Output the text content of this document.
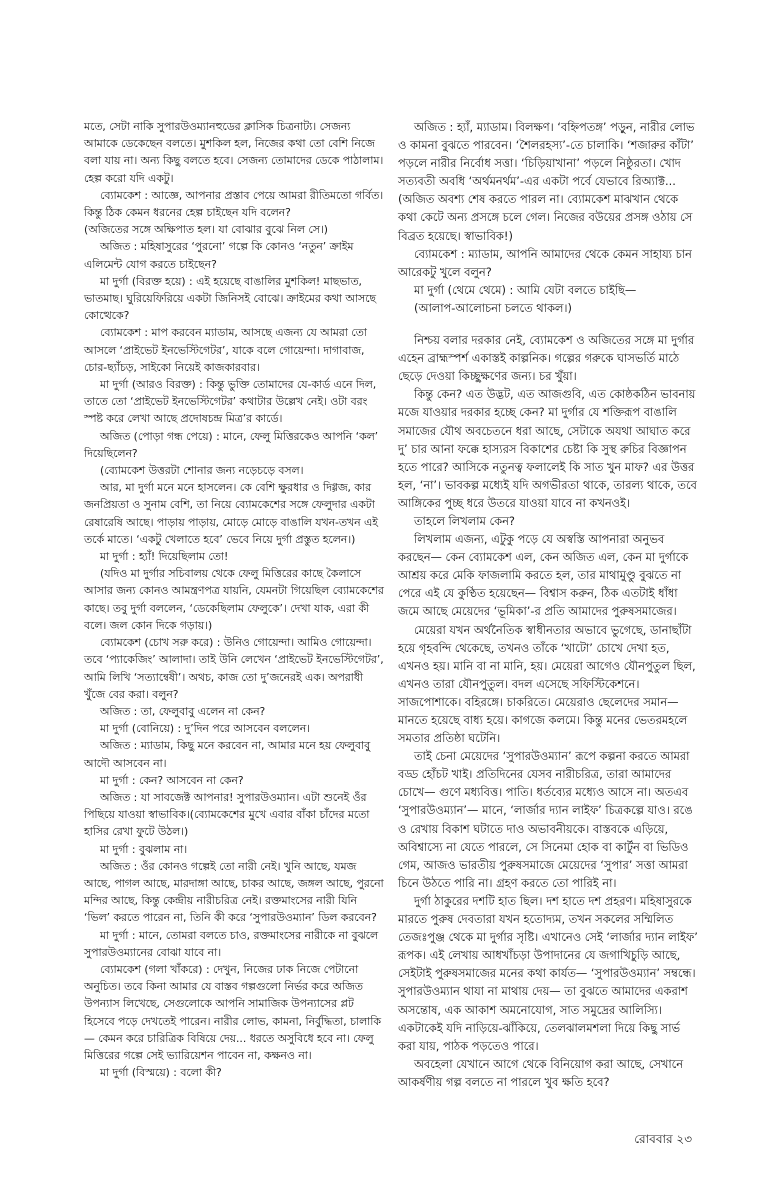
মতে, সেটা নাকি সুপারউওম্যানহুডের ক্লাসিক চিত্রনাট্য। সেজন্য আমাকে ডেকেছেন বলতে। মুশকিল হল, নিজের কথা তো বেশি নিজে বলা যায় না। অন্য কিছু বলতে হবে। সেজন্য তোমাদের ডেকে পাঠালাম। হেল্প করো যদি একটু।

ব্যোমকেশ : আজ্ঞে, আপনার প্রস্তাব পেয়ে আমরা রীতিমতো গর্বিত। কিন্তু ঠিক কেমন ধরনের হেল্প চাইছেন যদি বলেন?

(অজিতের সঙ্গে অক্ষিপাত হল। যা বোঝার বুঝে নিল সে।)

অজিত : মহিষাসুরের ‘পুরনো’ গল্পে কি কোনও ‘নতুন’ ক্রাইম এলিমেন্ট যোগ করতে চাইছেন?

মা দুর্গা (বিরক্ত হয়ে) : এই হয়েছে বাঙালির মুশকিল! মাছভাত, ভাতমাছ। ঘুরিয়েফিরিয়ে একটা জিনিসই বোঝে। ক্রাইমের কথা আসছে কোত্থেকে?

ব্যোমকেশ : মাপ করবেন ম্যাডাম, আসছে এজন্য যে আমরা তো আসলে ‘প্রাইভেট ইনভেস্টিগেটর’, যাকে বলে গোয়েন্দা। দাগাবাজ, চোর-ছ্যাঁচড়, সাইকো নিয়েই কাজকারবার।

মা দুর্গা (আরও বিরক্ত) : কিন্তু ভুক্তি তোমাদের যে-কার্ড এনে দিল, তাতে তো ‘প্রাইভেট ইনভেস্টিগেটর’ কথাটার উল্লেখ নেই। ওটা বরং স্পষ্ট করে লেখা আছে প্রদোষচন্দ্র মিত্র’র কার্ডে।

অজিত (পোড়া গন্ধ পেয়ে) : মানে, ফেলু মিত্তিরকেও আপনি ‘কল’ দিয়েছিলেন?

(ব্যোমকেশ উত্তরটা শোনার জন্য নড়েচড়ে বসল।

আর, মা দুর্গা মনে মনে হাসলেন। কে বেশি ক্ষুরধার ও দিগ্গজ, কার জনপ্রিয়তা ও সুনাম বেশি, তা নিয়ে ব্যোমকেশের সঙ্গে ফেলুদার একটা রেষারেষি আছে। পাড়ায় পাড়ায়, মোড়ে মোড়ে বাঙালি যখন-তখন এই তর্কে মাতে। ‘একটু খেলাতে হবে’ ভেবে নিয়ে দুর্গা প্রস্তুত হলেন।)

মা দুর্গা : হ্যাঁ! দিয়েছিলাম তো!

(যদিও মা দুর্গার সচিবালয় থেকে ফেলু মিত্তিরের কাছে কৈলাসে আসার জন্য কোনও আমন্ত্রণপত্র যায়নি, যেমনটা গিয়েছিল ব্যোমকেশের কাছে। তবু দুর্গা বললেন, ‘ডেকেছিলাম ফেলুকে’। দেখা যাক, এরা কী বলে। জল কোন দিকে গড়ায়।)

ব্যোমকেশ (চোখ সরু করে) : উনিও গোয়েন্দা। আমিও গোয়েন্দা। তবে ‘প্যাকেজিং’ আলাদা। তাই উনি লেখেন ‘প্রাইভেট ইনভেস্টিগেটর’, আমি লিখি ‘সত্যান্বেষী’। অথচ, কাজ তো দু’জনেরই এক। অপরাধী খুঁজে বের করা। বলুন?

অজিত : তা, ফেলুবাবু এলেন না কেন?

মা দুর্গা (বোনিয়ে) : দু’দিন পরে আসবেন বললেন।

অজিত : ম্যাডাম, কিছু মনে করবেন না, আমার মনে হয় ফেলুবাবু আদৌ আসবেন না।

মা দুর্গা : কেন? আসবেন না কেন?

অজিত : যা সাবজেক্ট আপনার! সুপারউওম্যান। এটা শুনেই ওঁর পিছিয়ে যাওয়া স্বাভাবিক।(ব্যোমকেশের মুখে এবার বাঁকা চাঁদের মতো হাসির রেখা ফুটে উঠল।)

মা দুর্গা : বুঝলাম না।

অজিত : ওঁর কোনও গল্পেই তো নারী নেই। খুনি আছে, যমজ আছে, পাগল আছে, মারদাঙ্গা আছে, চাকর আছে, জঙ্গল আছে, পুরনো মন্দির আছে, কিন্তু কেন্দ্রীয় নারীচরিত্র নেই। রক্তমাংসের নারী যিনি ‘ভিল’ করতে পারেন না, তিনি কী করে ‘সুপারউওম্যান’ ডিল করবেন?

মা দুর্গা : মানে, তোমরা বলতে চাও, রক্তমাংসের নারীকে না বুঝলে সুপারউওম্যানের বোঝা যাবে না।

ব্যোমকেশ (গলা খাঁকরে) : দেখুন, নিজের ঢাক নিজে পেটানো অনুচিত। তবে কিনা আমার যে বাস্তব গল্পগুলো নির্ভর করে অজিত উপন্যাস লিখেছে, সেগুলোকে আপনি সামাজিক উপন্যাসের প্লট হিসেবে পড়ে দেখতেই পারেন। নারীর লোভ, কামনা, নির্বুদ্ধিতা, চালাকি— কেমন করে চারিত্রিক বিষিয়ে দেয়... ধরতে অসুবিধে হবে না। ফেলু মিত্তিরের গল্পে সেই ভ্যারিয়েশন পাবেন না, কক্ষনও না।

মা দুর্গা (বিস্ময়ে) : বলো কী?

অজিত : হ্যাঁ, ম্যাডাম। বিলক্ষণ। ‘বহ্নিপতঙ্গ’ পড়ুন, নারীর লোভ ও কামনা বুঝতে পারবেন। ‘শৈলরহস্য’-তে চালাকি। ‘শজারুর কাঁটা’ পড়লে নারীর নির্বোধ সত্তা। ‘চিড়িয়াখানা’ পড়লে নিষ্ঠুরতা। খোদ সত্যবতী অবধি ‘অর্থমনর্থম’-এর একটা পর্বে যেভাবে রিঅ্যাক্ট... (অজিত অবশ্য শেষ করতে পারল না। ব্যোমকেশ মাঝখান থেকে কথা কেটে অন্য প্রসঙ্গে চলে গেল। নিজের বউয়ের প্রসঙ্গ ওঠায় সে বিব্রত হয়েছে। স্বাভাবিক!)

ব্যোমকেশ : ম্যাডাম, আপনি আমাদের থেকে কেমন সাহায্য চান আরেকটু খুলে বলুন?

মা দুর্গা (থেমে থেমে) : আমি যেটা বলতে চাইছি—

(আলাপ-আলোচনা চলতে থাকল।)

নিশ্চয় বলার দরকার নেই, ব্যোমকেশ ও অজিতের সঙ্গে মা দুর্গার এহেন ব্রাহ্মস্পর্শ একাস্তই কাল্পনিক। গল্পের গরুকে ঘাসভর্তি মাঠে ছেড়ে দেওয়া কিচ্ছুক্ষণের জন্য। চর খুঁয়া।

কিন্তু কেন? এত উদ্ভট, এত আজগুবি, এত কোষ্ঠকঠিন ভাবনায় মজে যাওয়ার দরকার হচ্ছে কেন? মা দুর্গার যে শক্তিরূপ বাঙালি সমাজের যৌথ অবচেতনে ধরা আছে, সেটাকে অযথা আঘাত করে দু’ চার আনা ফক্কে হাস্যরস বিকাশের চেষ্টা কি সুস্থ রুচির বিজ্ঞাপন হতে পারে? আসিকে নতুনত্ব ফলালেই কি সাত খুন মাফ? এর উত্তর হল, ‘না’। ভাবকল্প মধ্যেই যদি অগভীরতা থাকে, তারল্য থাকে, তবে আঙ্গিকের পুচ্ছ ধরে উতরে যাওয়া যাবে না কখনওই।

তাহলে লিখলাম কেন?

লিখলাম এজন্য, এটুকু পড়ে যে অস্বস্তি আপনারা অনুভব করছেন— কেন ব্যোমকেশ এল, কেন অজিত এল, কেন মা দুর্গাকে আশ্রয় করে মেকি ফাজলামি করতে হল, তার মাথামুণ্ডু বুঝতে না পেরে এই যে কুণ্ঠিত হয়েছেন— বিশ্বাস করুন, ঠিক এতটাই ধাঁধা জমে আছে মেয়েদের ‘ভূমিকা’-র প্রতি আমাদের পুরুষসমাজের।

মেয়েরা যখন অর্থনৈতিক স্বাধীনতার অভাবে ভুগেছে, ডানাছাঁটা হয়ে গৃহবন্দি থেকেছে, তখনও তাঁকে ‘খাটো’ চোখে দেখা হত, এখনও হয়। মানি বা না মানি, হয়। মেয়েরা আগেও যৌনপুতুল ছিল, এখনও তারা যৌনপুতুল। বদল এসেছে সফিস্টিকেশনে। সাজপোশাকে। বহিরঙ্গে। চাকরিতে। মেয়েরাও ছেলেদের সমান— মানতে হয়েছে বাধ্য হয়ে। কাগজে কলমে। কিন্তু মনের ভেতরমহলে সমতার প্রতিষ্ঠা ঘটেনি।

তাই চেনা মেয়েদের ‘সুপারউওম্যান’ রূপে কল্পনা করতে আমরা বড্ড হোঁচট খাই। প্রতিদিনের যেসব নারীচরিত্র, তারা আমাদের চোখে— গুণে মধ্যবিত্ত। পাতি। ধর্তব্যের মধ্যেও আসে না। অতএব ‘সুপারউওম্যান’— মানে, ‘লার্জার দ্যান লাইফ’ চিত্রকল্পে যাও। রঙে ও রেখায় বিকাশ ঘটাতে দাও অভাবনীয়কে। বাস্তবকে এড়িয়ে, অবিশ্বাস্যে না যেতে পারলে, সে সিনেমা হোক বা কার্টুন বা ভিডিও গেম, আজও ভারতীয় পুরুষসমাজে মেয়েদের ‘সুপার’ সত্তা আমরা চিনে উঠতে পারি না। গ্রহণ করতে তো পারিই না।

দুর্গা ঠাকুরের দশটি হাত ছিল। দশ হাতে দশ প্রহরণ। মহিষাসুরকে মারতে পুরুষ দেবতারা যখন হতোদ্যম, তখন সকলের সম্মিলিত তেজঃপুঞ্জ থেকে মা দুর্গার সৃষ্টি। এখানেও সেই ‘লার্জার দ্যান লাইফ’ রূপক। এই লেখায় আধখাঁচড়া উপাদানের যে জগাখিচুড়ি আছে, সেইটাই পুরুষসমাজের মনের কথা কার্যত— ‘সুপারউওম্যান’ সম্বন্ধে। সুপারউওম্যান থাযা না মাথায় দেয়— তা বুঝতে আমাদের একরাশ অসন্তোষ, এক আকাশ অমনোযোগ, সাত সমুদ্রের আলিস্যি। একটাকেই যদি নাড়িয়ে-ঝাঁকিয়ে, তেলঝালমশলা দিয়ে কিছু সার্ভ করা যায়, পাঠক পড়তেও পারে।

অবহেলা যেখানে আগে থেকে বিনিয়োগ করা আছে, সেখানে আকর্ষণীয় গল্প বলতে না পারলে খুব ক্ষতি হবে?

রোববার ২৩
